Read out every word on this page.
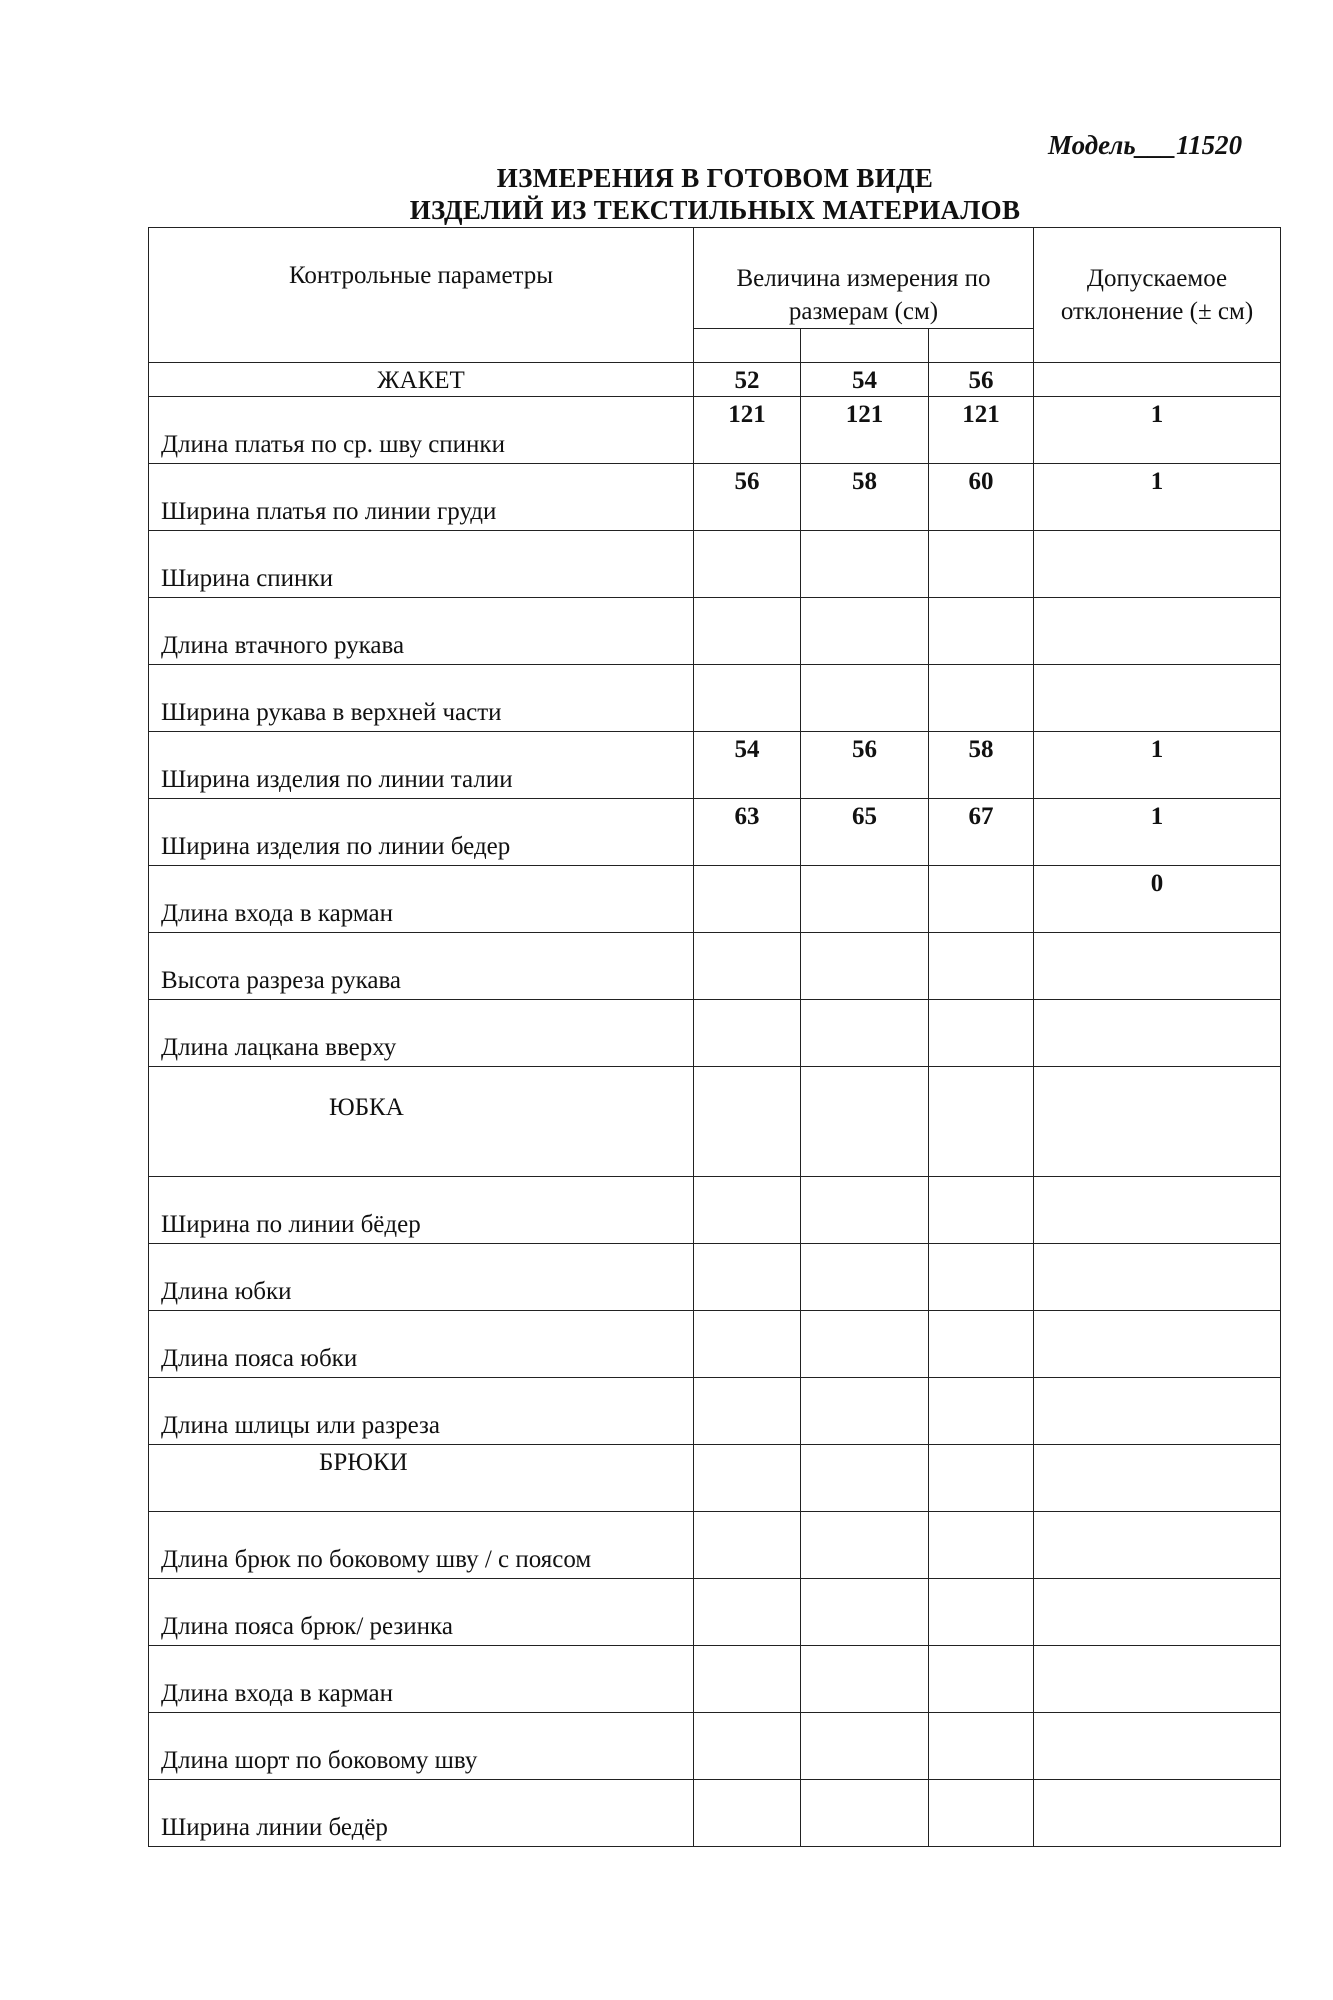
Модель___11520
ИЗМЕРЕНИЯ В ГОТОВОМ ВИДЕ
ИЗДЕЛИЙ ИЗ ТЕКСТИЛЬНЫХ МАТЕРИАЛОВ
Контрольные параметры	Величина измерения по размерам (см)			Допускаемое отклонение (± см)

ЖАКЕТ	52	54	56	
Длина платья по ср. шву спинки	121	121	121	1
Ширина платья по линии груди	56	58	60	1
Ширина спинки				
Длина втачного рукава				
Ширина рукава в верхней части				
Ширина изделия по линии талии	54	56	58	1
Ширина изделия по линии бедер	63	65	67	1
Длина входа в карман				0
Высота разреза рукава				
Длина лацкана вверху				
ЮБКА				
Ширина по линии бёдер				
Длина юбки				
Длина пояса юбки				
Длина шлицы или разреза				
БРЮКИ				
Длина брюк по боковому шву / с поясом				
Длина пояса брюк/ резинка				
Длина входа в карман				
Длина шорт по боковому шву				
Ширина линии бедёр				
